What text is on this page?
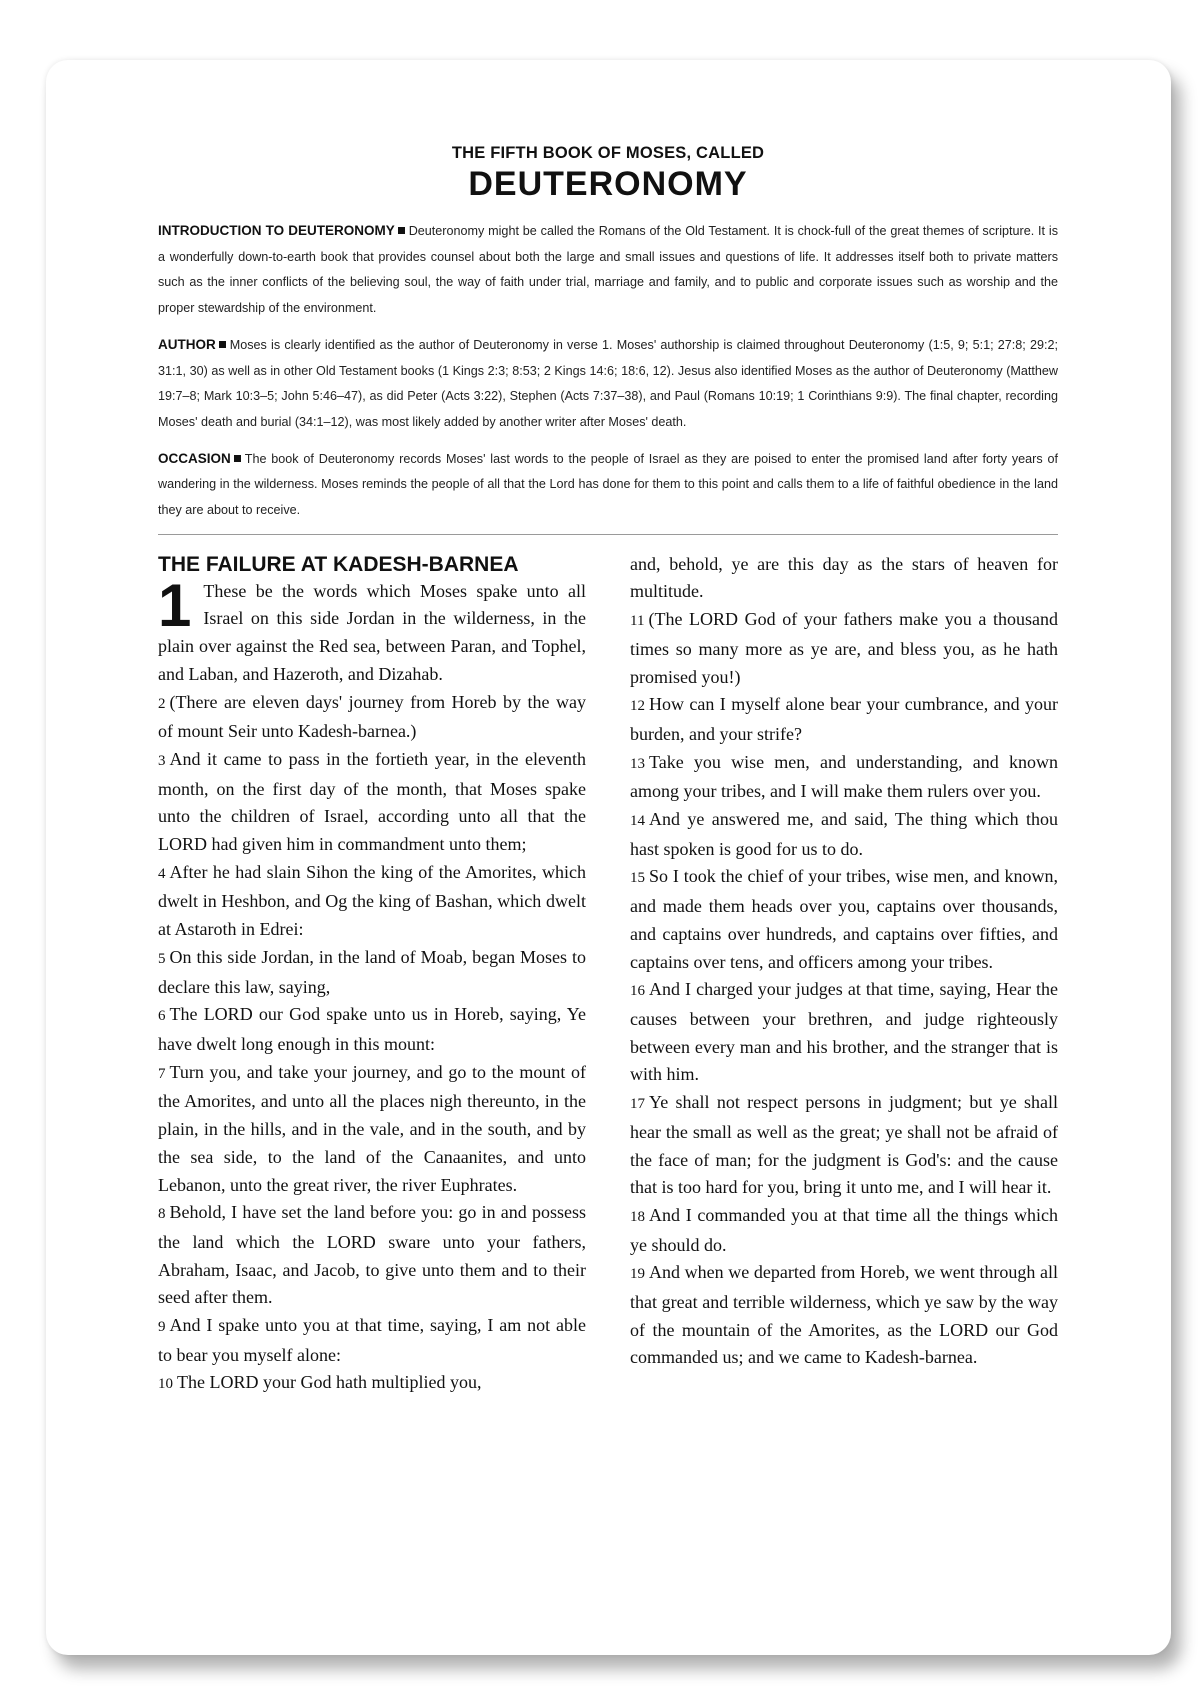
THE FIFTH BOOK OF MOSES, CALLED
DEUTERONOMY

INTRODUCTION TO DEUTERONOMY Deuteronomy might be called the Romans of the Old Testament. It is chock-full of the great themes of scripture. It is a wonderfully down-to-earth book that provides counsel about both the large and small issues and questions of life. It addresses itself both to private matters such as the inner conflicts of the believing soul, the way of faith under trial, marriage and family, and to public and corporate issues such as worship and the proper stewardship of the environment.

AUTHOR Moses is clearly identified as the author of Deuteronomy in verse 1. Moses' authorship is claimed throughout Deuteronomy (1:5, 9; 5:1; 27:8; 29:2; 31:1, 30) as well as in other Old Testament books (1 Kings 2:3; 8:53; 2 Kings 14:6; 18:6, 12). Jesus also identified Moses as the author of Deuteronomy (Matthew 19:7–8; Mark 10:3–5; John 5:46–47), as did Peter (Acts 3:22), Stephen (Acts 7:37–38), and Paul (Romans 10:19; 1 Corinthians 9:9). The final chapter, recording Moses' death and burial (34:1–12), was most likely added by another writer after Moses' death.

OCCASION The book of Deuteronomy records Moses' last words to the people of Israel as they are poised to enter the promised land after forty years of wandering in the wilderness. Moses reminds the people of all that the Lord has done for them to this point and calls them to a life of faithful obedience in the land they are about to receive.

THE FAILURE AT KADESH-BARNEA

1 These be the words which Moses spake unto all Israel on this side Jordan in the wilderness, in the plain over against the Red sea, between Paran, and Tophel, and Laban, and Hazeroth, and Dizahab.

2 (There are eleven days' journey from Horeb by the way of mount Seir unto Kadesh-barnea.)

3 And it came to pass in the fortieth year, in the eleventh month, on the first day of the month, that Moses spake unto the children of Israel, according unto all that the LORD had given him in commandment unto them;

4 After he had slain Sihon the king of the Amorites, which dwelt in Heshbon, and Og the king of Bashan, which dwelt at Astaroth in Edrei:

5 On this side Jordan, in the land of Moab, began Moses to declare this law, saying,

6 The LORD our God spake unto us in Horeb, saying, Ye have dwelt long enough in this mount:

7 Turn you, and take your journey, and go to the mount of the Amorites, and unto all the places nigh thereunto, in the plain, in the hills, and in the vale, and in the south, and by the sea side, to the land of the Canaanites, and unto Lebanon, unto the great river, the river Euphrates.

8 Behold, I have set the land before you: go in and possess the land which the LORD sware unto your fathers, Abraham, Isaac, and Jacob, to give unto them and to their seed after them.

9 And I spake unto you at that time, saying, I am not able to bear you myself alone:

10 The LORD your God hath multiplied you,

and, behold, ye are this day as the stars of heaven for multitude.

11 (The LORD God of your fathers make you a thousand times so many more as ye are, and bless you, as he hath promised you!)

12 How can I myself alone bear your cumbrance, and your burden, and your strife?

13 Take you wise men, and understanding, and known among your tribes, and I will make them rulers over you.

14 And ye answered me, and said, The thing which thou hast spoken is good for us to do.

15 So I took the chief of your tribes, wise men, and known, and made them heads over you, captains over thousands, and captains over hundreds, and captains over fifties, and captains over tens, and officers among your tribes.

16 And I charged your judges at that time, saying, Hear the causes between your brethren, and judge righteously between every man and his brother, and the stranger that is with him.

17 Ye shall not respect persons in judgment; but ye shall hear the small as well as the great; ye shall not be afraid of the face of man; for the judgment is God's: and the cause that is too hard for you, bring it unto me, and I will hear it.

18 And I commanded you at that time all the things which ye should do.

19 And when we departed from Horeb, we went through all that great and terrible wilderness, which ye saw by the way of the mountain of the Amorites, as the LORD our God commanded us; and we came to Kadesh-barnea.
